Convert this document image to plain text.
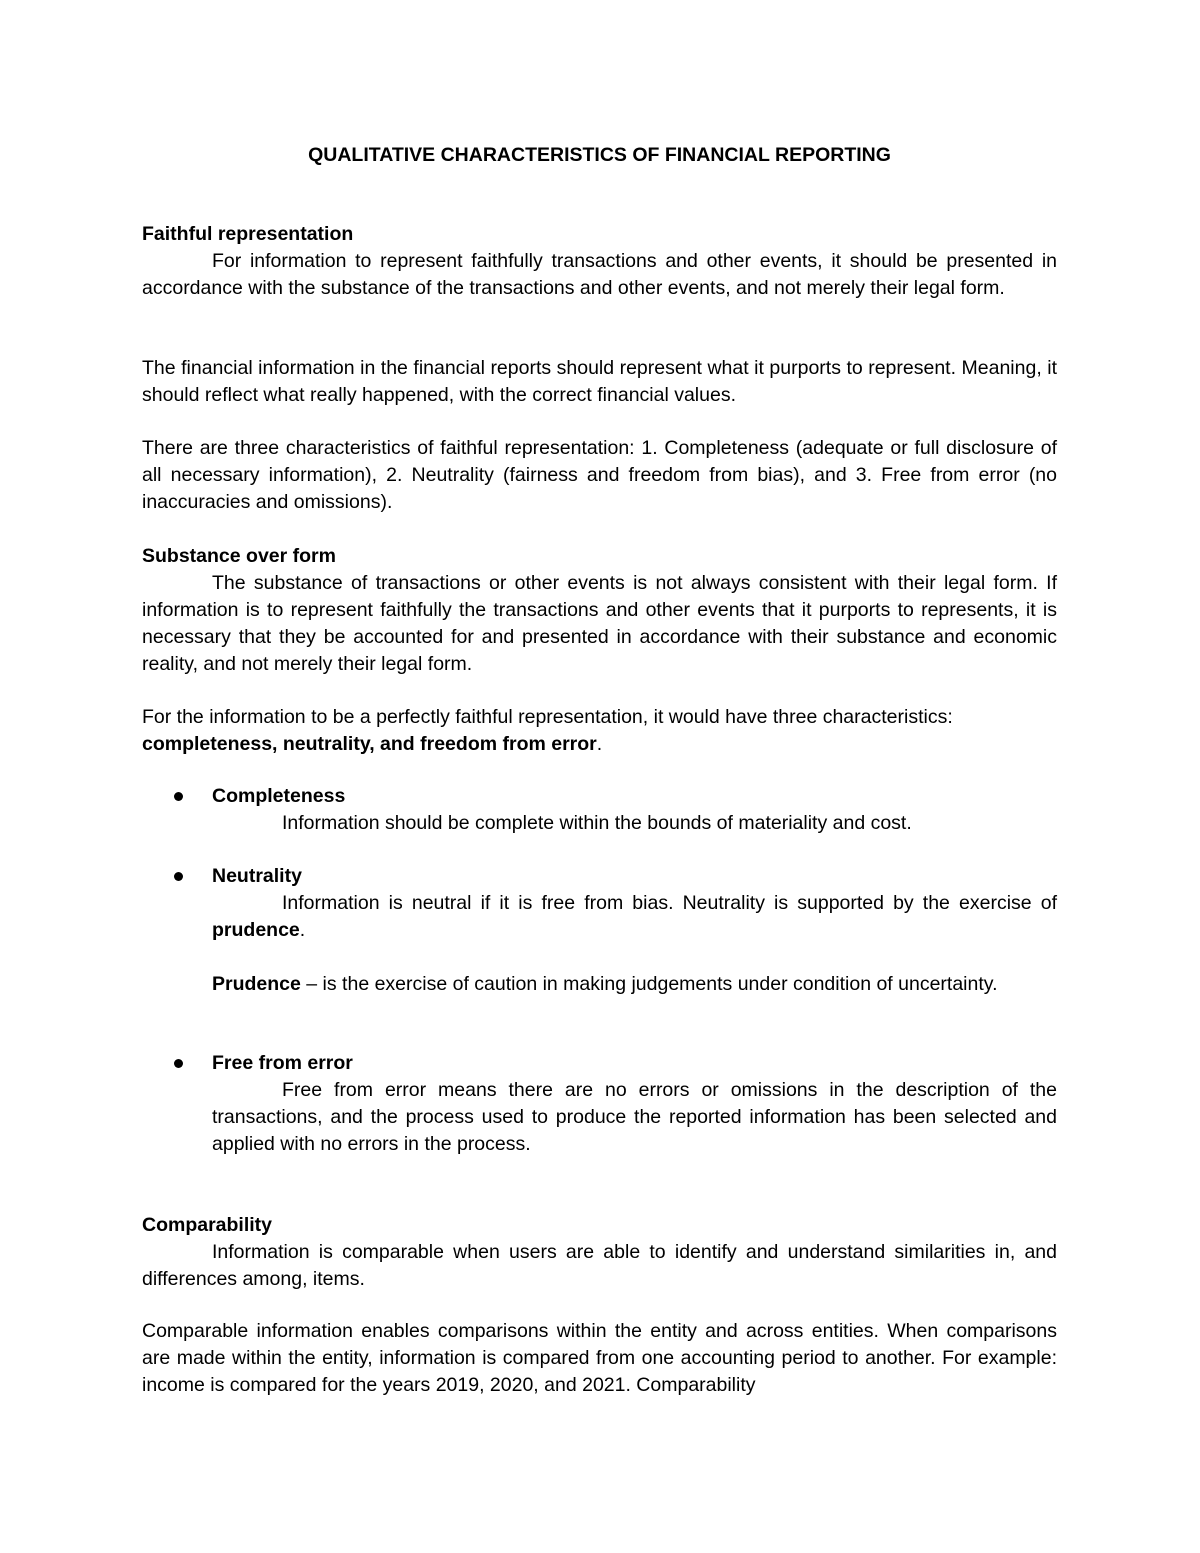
QUALITATIVE CHARACTERISTICS OF FINANCIAL REPORTING
Faithful representation

For information to represent faithfully transactions and other events, it should be presented in accordance with the substance of the transactions and other events, and not merely their legal form.

The financial information in the financial reports should represent what it purports to represent. Meaning, it should reflect what really happened, with the correct financial values.

There are three characteristics of faithful representation: 1. Completeness (adequate or full disclosure of all necessary information), 2. Neutrality (fairness and freedom from bias), and 3. Free from error (no inaccuracies and omissions).

Substance over form

The substance of transactions or other events is not always consistent with their legal form. If information is to represent faithfully the transactions and other events that it purports to represents, it is necessary that they be accounted for and presented in accordance with their substance and economic reality, and not merely their legal form.

For the information to be a perfectly faithful representation, it would have three characteristics: completeness, neutrality, and freedom from error.

Completeness

Information should be complete within the bounds of materiality and cost.

Neutrality

Information is neutral if it is free from bias. Neutrality is supported by the exercise of prudence.

Prudence – is the exercise of caution in making judgements under condition of uncertainty.

Free from error

Free from error means there are no errors or omissions in the description of the transactions, and the process used to produce the reported information has been selected and applied with no errors in the process.

Comparability

Information is comparable when users are able to identify and understand similarities in, and differences among, items.

Comparable information enables comparisons within the entity and across entities. When comparisons are made within the entity, information is compared from one accounting period to another. For example: income is compared for the years 2019, 2020, and 2021. Comparability
